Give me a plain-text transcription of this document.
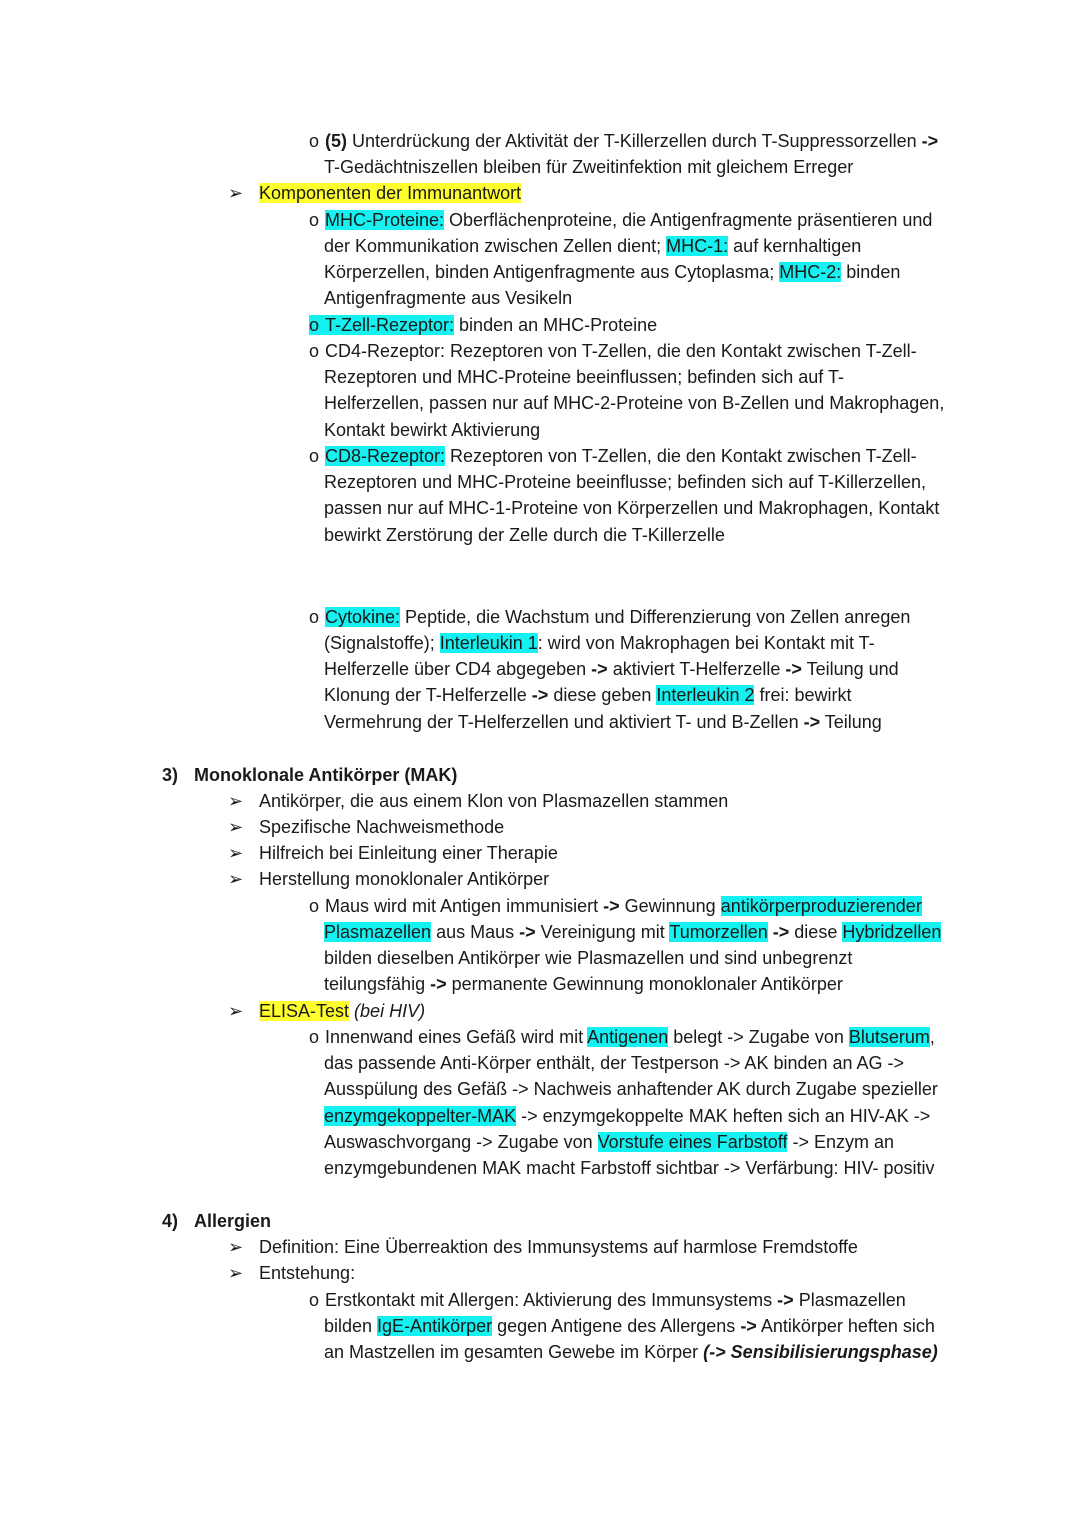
o (5) Unterdrückung der Aktivität der T-Killerzellen durch T-Suppressorzellen ->
T-Gedächtniszellen bleiben für Zweitinfektion mit gleichem Erreger
➢ Komponenten der Immunantwort
o MHC-Proteine: Oberflächenproteine, die Antigenfragmente präsentieren und
der Kommunikation zwischen Zellen dient; MHC-1: auf kernhaltigen
Körperzellen, binden Antigenfragmente aus Cytoplasma; MHC-2: binden
Antigenfragmente aus Vesikeln
o T-Zell-Rezeptor: binden an MHC-Proteine
o CD4-Rezeptor: Rezeptoren von T-Zellen, die den Kontakt zwischen T-Zell-
Rezeptoren und MHC-Proteine beeinflussen; befinden sich auf T-
Helferzellen, passen nur auf MHC-2-Proteine von B-Zellen und Makrophagen,
Kontakt bewirkt Aktivierung
o CD8-Rezeptor: Rezeptoren von T-Zellen, die den Kontakt zwischen T-Zell-
Rezeptoren und MHC-Proteine beeinflusse; befinden sich auf T-Killerzellen,
passen nur auf MHC-1-Proteine von Körperzellen und Makrophagen, Kontakt
bewirkt Zerstörung der Zelle durch die T-Killerzelle
o Cytokine: Peptide, die Wachstum und Differenzierung von Zellen anregen
(Signalstoffe); Interleukin 1: wird von Makrophagen bei Kontakt mit T-
Helferzelle über CD4 abgegeben -> aktiviert T-Helferzelle -> Teilung und
Klonung der T-Helferzelle -> diese geben Interleukin 2 frei: bewirkt
Vermehrung der T-Helferzellen und aktiviert T- und B-Zellen -> Teilung
3) Monoklonale Antikörper (MAK)
➢ Antikörper, die aus einem Klon von Plasmazellen stammen
➢ Spezifische Nachweismethode
➢ Hilfreich bei Einleitung einer Therapie
➢ Herstellung monoklonaler Antikörper
o Maus wird mit Antigen immunisiert -> Gewinnung antikörperproduzierender
Plasmazellen aus Maus -> Vereinigung mit Tumorzellen -> diese Hybridzellen
bilden dieselben Antikörper wie Plasmazellen und sind unbegrenzt
teilungsfähig -> permanente Gewinnung monoklonaler Antikörper
➢ ELISA-Test (bei HIV)
o Innenwand eines Gefäß wird mit Antigenen belegt -> Zugabe von Blutserum,
das passende Anti-Körper enthält, der Testperson -> AK binden an AG ->
Ausspülung des Gefäß -> Nachweis anhaftender AK durch Zugabe spezieller
enzymgekoppelter-MAK -> enzymgekoppelte MAK heften sich an HIV-AK ->
Auswaschvorgang -> Zugabe von Vorstufe eines Farbstoff -> Enzym an
enzymgebundenen MAK macht Farbstoff sichtbar -> Verfärbung: HIV- positiv
4) Allergien
➢ Definition: Eine Überreaktion des Immunsystems auf harmlose Fremdstoffe
➢ Entstehung:
o Erstkontakt mit Allergen: Aktivierung des Immunsystems -> Plasmazellen
bilden IgE-Antikörper gegen Antigene des Allergens -> Antikörper heften sich
an Mastzellen im gesamten Gewebe im Körper (-> Sensibilisierungsphase)
